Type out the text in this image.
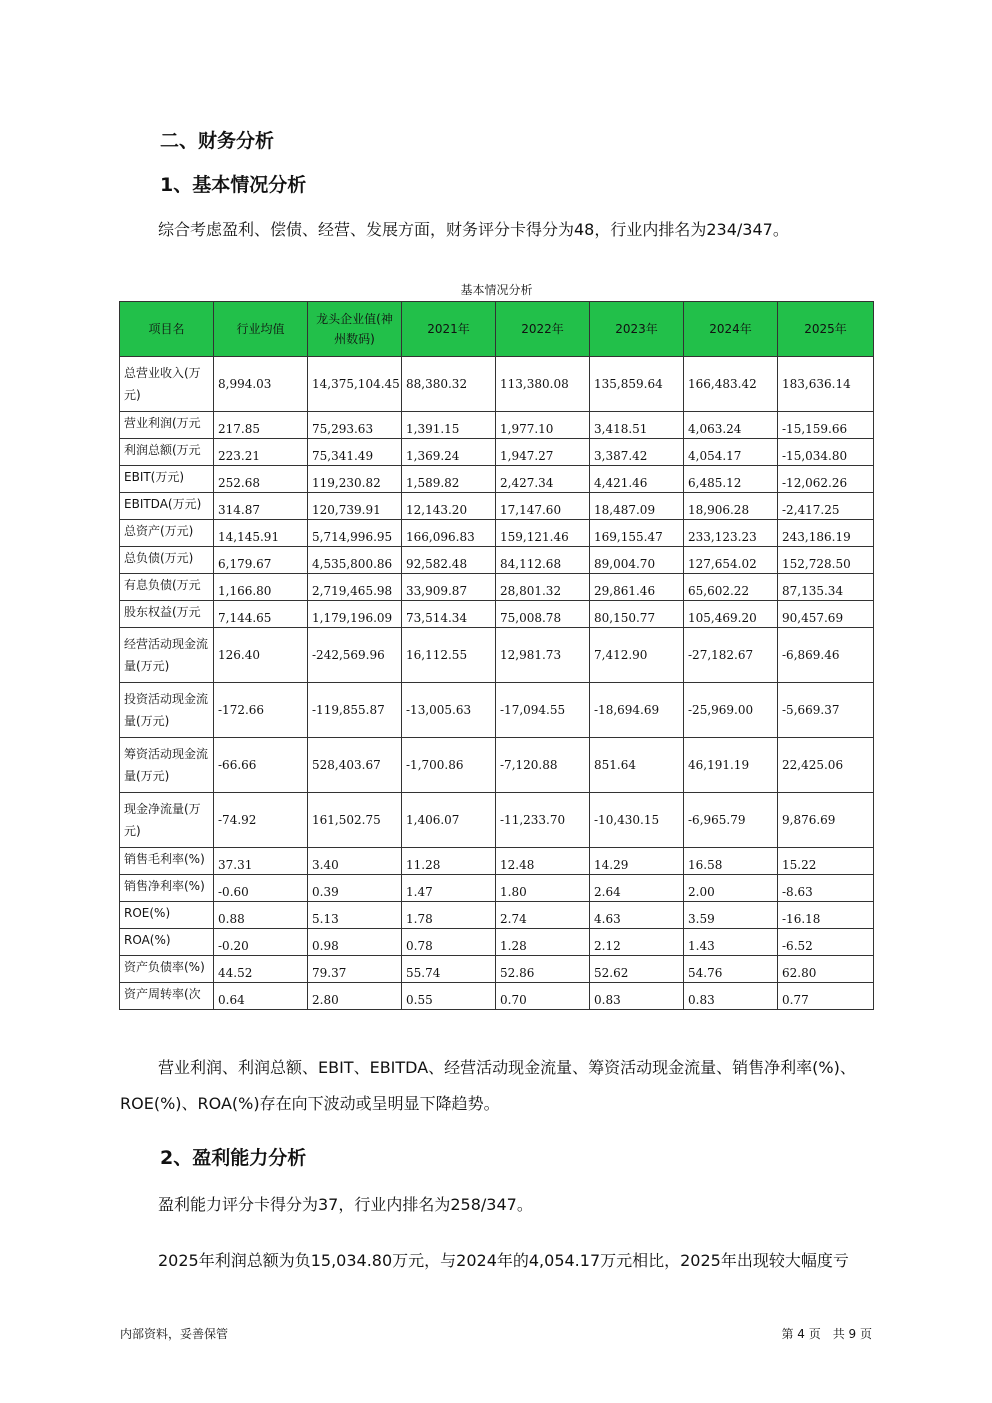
二、财务分析
1、基本情况分析
综合考虑盈利、偿债、经营、发展方面，财务评分卡得分为48，行业内排名为234/347。
基本情况分析
项目名	行业均值	龙头企业值(神州数码)	2021年	2022年	2023年	2024年	2025年
总营业收入(万元)	8,994.03	14,375,104.45	88,380.32	113,380.08	135,859.64	166,483.42	183,636.14
营业利润(万元	217.85	75,293.63	1,391.15	1,977.10	3,418.51	4,063.24	-15,159.66
利润总额(万元	223.21	75,341.49	1,369.24	1,947.27	3,387.42	4,054.17	-15,034.80
EBIT(万元)	252.68	119,230.82	1,589.82	2,427.34	4,421.46	6,485.12	-12,062.26
EBITDA(万元)	314.87	120,739.91	12,143.20	17,147.60	18,487.09	18,906.28	-2,417.25
总资产(万元)	14,145.91	5,714,996.95	166,096.83	159,121.46	169,155.47	233,123.23	243,186.19
总负债(万元)	6,179.67	4,535,800.86	92,582.48	84,112.68	89,004.70	127,654.02	152,728.50
有息负债(万元	1,166.80	2,719,465.98	33,909.87	28,801.32	29,861.46	65,602.22	87,135.34
股东权益(万元	7,144.65	1,179,196.09	73,514.34	75,008.78	80,150.77	105,469.20	90,457.69
经营活动现金流量(万元)	126.40	-242,569.96	16,112.55	12,981.73	7,412.90	-27,182.67	-6,869.46
投资活动现金流量(万元)	-172.66	-119,855.87	-13,005.63	-17,094.55	-18,694.69	-25,969.00	-5,669.37
筹资活动现金流量(万元)	-66.66	528,403.67	-1,700.86	-7,120.88	851.64	46,191.19	22,425.06
现金净流量(万元)	-74.92	161,502.75	1,406.07	-11,233.70	-10,430.15	-6,965.79	9,876.69
销售毛利率(%)	37.31	3.40	11.28	12.48	14.29	16.58	15.22
销售净利率(%)	-0.60	0.39	1.47	1.80	2.64	2.00	-8.63
ROE(%)	0.88	5.13	1.78	2.74	4.63	3.59	-16.18
ROA(%)	-0.20	0.98	0.78	1.28	2.12	1.43	-6.52
资产负债率(%)	44.52	79.37	55.74	52.86	52.62	54.76	62.80
资产周转率(次	0.64	2.80	0.55	0.70	0.83	0.83	0.77
营业利润、利润总额、EBIT、EBITDA、经营活动现金流量、筹资活动现金流量、销售净利率(%)、ROE(%)、ROA(%)存在向下波动或呈明显下降趋势。
2、盈利能力分析
盈利能力评分卡得分为37，行业内排名为258/347。
2025年利润总额为负15,034.80万元，与2024年的4,054.17万元相比，2025年出现较大幅度亏
内部资料，妥善保管	第 4 页　共 9 页
